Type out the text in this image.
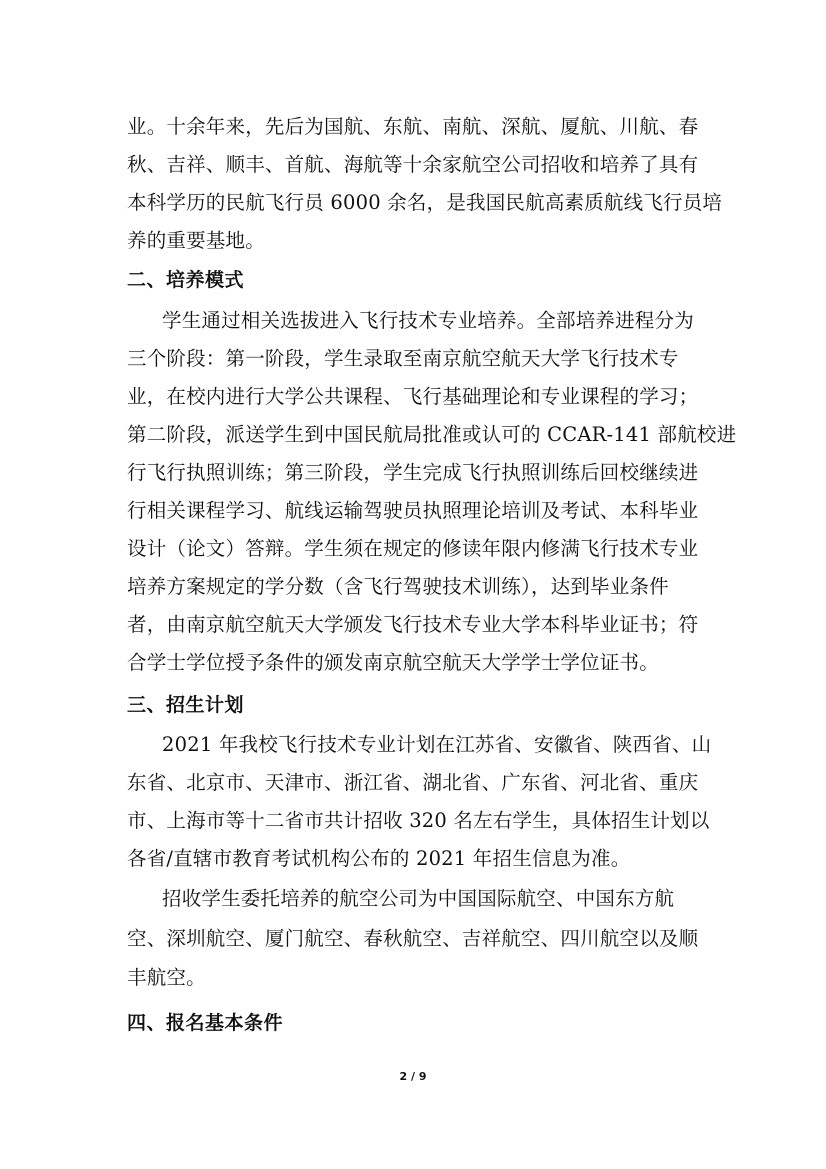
业。十余年来，先后为国航、东航、南航、深航、厦航、川航、春
秋、吉祥、顺丰、首航、海航等十余家航空公司招收和培养了具有
本科学历的民航飞行员 6000 余名，是我国民航高素质航线飞行员培
养的重要基地。
二、培养模式
学生通过相关选拔进入飞行技术专业培养。全部培养进程分为
三个阶段：第一阶段，学生录取至南京航空航天大学飞行技术专
业，在校内进行大学公共课程、飞行基础理论和专业课程的学习；
第二阶段，派送学生到中国民航局批准或认可的 CCAR-141 部航校进
行飞行执照训练；第三阶段，学生完成飞行执照训练后回校继续进
行相关课程学习、航线运输驾驶员执照理论培训及考试、本科毕业
设计（论文）答辩。学生须在规定的修读年限内修满飞行技术专业
培养方案规定的学分数（含飞行驾驶技术训练），达到毕业条件
者，由南京航空航天大学颁发飞行技术专业大学本科毕业证书；符
合学士学位授予条件的颁发南京航空航天大学学士学位证书。
三、招生计划
2021 年我校飞行技术专业计划在江苏省、安徽省、陕西省、山
东省、北京市、天津市、浙江省、湖北省、广东省、河北省、重庆
市、上海市等十二省市共计招收 320 名左右学生，具体招生计划以
各省/直辖市教育考试机构公布的 2021 年招生信息为准。
招收学生委托培养的航空公司为中国国际航空、中国东方航
空、深圳航空、厦门航空、春秋航空、吉祥航空、四川航空以及顺
丰航空。
四、报名基本条件
2 / 9
